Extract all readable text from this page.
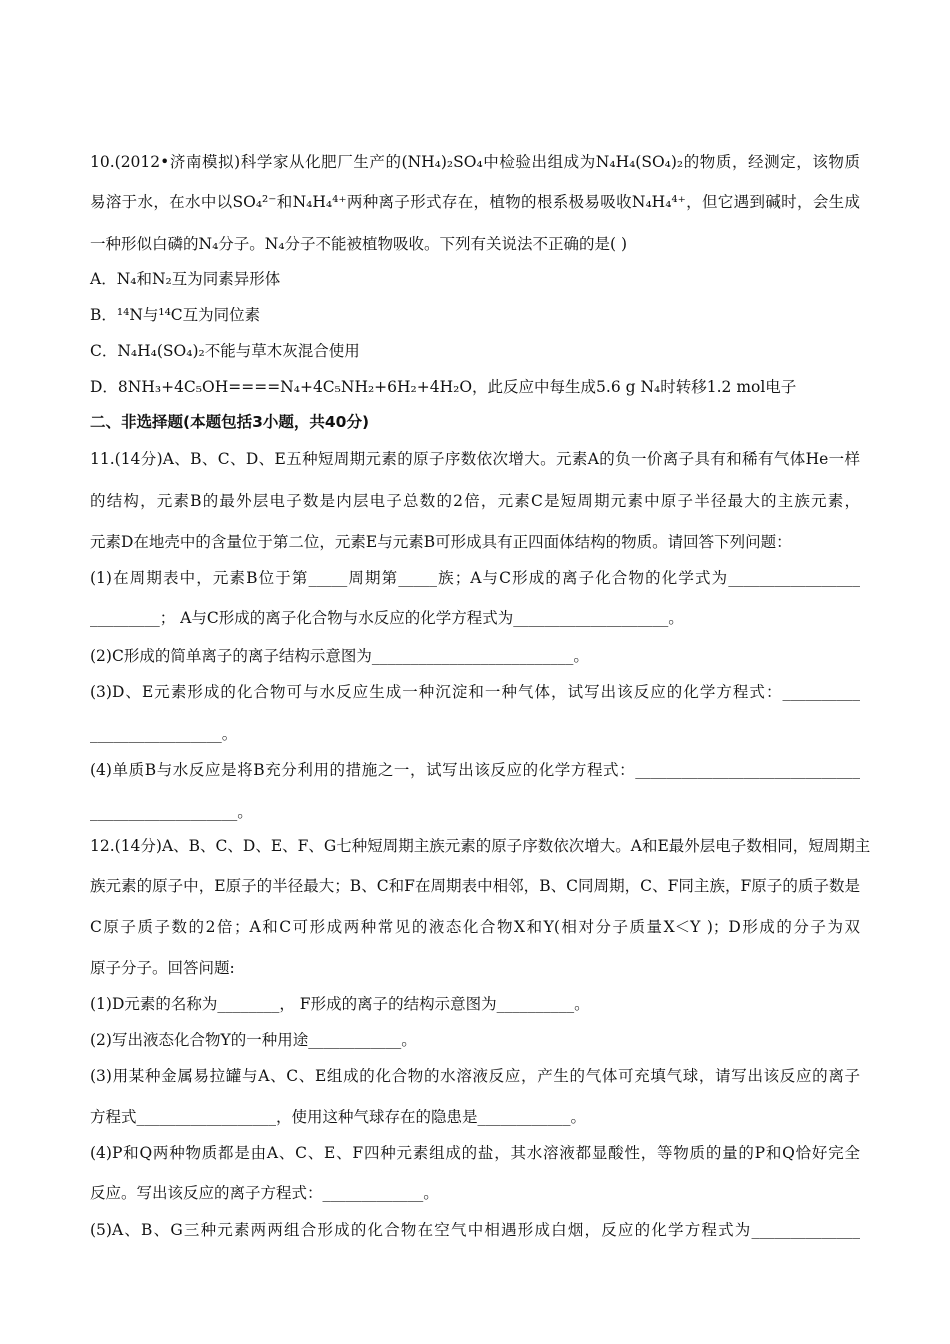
10.(2012•济南模拟)科学家从化肥厂生产的(NH₄)₂SO₄中检验出组成为N₄H₄(SO₄)₂的物质，经测定，该物质
易溶于水，在水中以SO₄²⁻和N₄H₄⁴⁺两种离子形式存在，植物的根系极易吸收N₄H₄⁴⁺，但它遇到碱时，会生成
一种形似白磷的N₄分子。N₄分子不能被植物吸收。下列有关说法不正确的是( )
A．N₄和N₂互为同素异形体
B．¹⁴N与¹⁴C互为同位素
C．N₄H₄(SO₄)₂不能与草木灰混合使用
D．8NH₃+4C₅OH====N₄+4C₅NH₂+6H₂+4H₂O，此反应中每生成5.6 g N₄时转移1.2 mol电子
二、非选择题(本题包括3小题，共40分)
11.(14分)A、B、C、D、E五种短周期元素的原子序数依次增大。元素A的负一价离子具有和稀有气体He一样
的结构，元素B的最外层电子数是内层电子总数的2倍，元素C是短周期元素中原子半径最大的主族元素，
元素D在地壳中的含量位于第二位，元素E与元素B可形成具有正四面体结构的物质。请回答下列问题：
(1)在周期表中，元素B位于第_____周期第_____族；A与C形成的离子化合物的化学式为_________________
_________； A与C形成的离子化合物与水反应的化学方程式为____________________。
(2)C形成的简单离子的离子结构示意图为__________________________。
(3)D、E元素形成的化合物可与水反应生成一种沉淀和一种气体，试写出该反应的化学方程式：__________
_________________。
(4)单质B与水反应是将B充分利用的措施之一，试写出该反应的化学方程式：_____________________________
___________________。
12.(14分)A、B、C、D、E、F、G七种短周期主族元素的原子序数依次增大。A和E最外层电子数相同，短周期主
族元素的原子中，E原子的半径最大；B、C和F在周期表中相邻，B、C同周期，C、F同主族，F原子的质子数是
C原子质子数的2倍；A和C可形成两种常见的液态化合物X和Y(相对分子质量X＜Y )；D形成的分子为双
原子分子。回答问题:
(1)D元素的名称为________， F形成的离子的结构示意图为__________。
(2)写出液态化合物Y的一种用途____________。
(3)用某种金属易拉罐与A、C、E组成的化合物的水溶液反应，产生的气体可充填气球，请写出该反应的离子
方程式__________________，使用这种气球存在的隐患是____________。
(4)P和Q两种物质都是由A、C、E、F四种元素组成的盐，其水溶液都显酸性，等物质的量的P和Q恰好完全
反应。写出该反应的离子方程式：_____________。
(5)A、B、G三种元素两两组合形成的化合物在空气中相遇形成白烟，反应的化学方程式为______________
